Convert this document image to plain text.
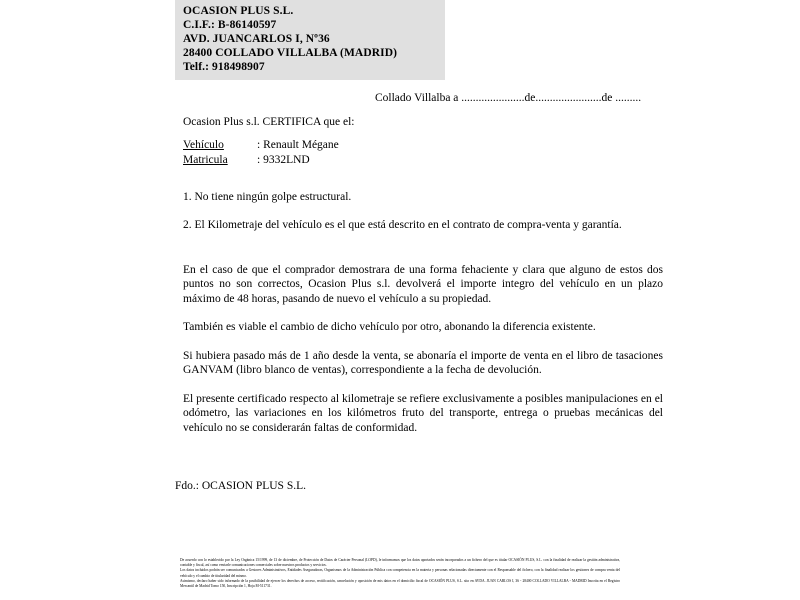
OCASION PLUS S.L.
C.I.F.: B-86140597
AVD. JUANCARLOS I, Nº36
28400 COLLADO VILLALBA (MADRID)
Telf.: 918498907
Collado Villalba a ......................de.......................de .........

Ocasion Plus s.l. CERTIFICA que el:

Vehículo	: Renault Mégane
Matricula	: 9332LND

1. No tiene ningún golpe estructural.

2. El Kilometraje del vehículo es el que está descrito en el contrato de compra-venta y garantía.

En el caso de que el comprador demostrara de una forma fehaciente y clara que alguno de estos dos puntos no son correctos, Ocasion Plus s.l. devolverá el importe integro del vehículo en un plazo máximo de 48 horas, pasando de nuevo el vehículo a su propiedad.

También es viable el cambio de dicho vehículo por otro, abonando la diferencia existente.

Si hubiera pasado más de 1 año desde la venta, se abonaría el importe de venta en el libro de tasaciones GANVAM (libro blanco de ventas), correspondiente a la fecha de devolución.

El presente certificado respecto al kilometraje se refiere exclusivamente a posibles manipulaciones en el odómetro, las variaciones en los kilómetros fruto del transporte, entrega o pruebas mecánicas del vehículo no se considerarán faltas de conformidad.

Fdo.: OCASION PLUS S.L.

De acuerdo con lo establecido por la Ley Orgánica 15/1999, de 13 de diciembre, de Protección de Datos de Carácter Personal (LOPD), le informamos que los datos aportados serán incorporados a un fichero del que es titular OCASIÓN PLUS, S.L. con la finalidad de realizar la gestión administrativa, contable y fiscal, así como enviarle comunicaciones comerciales sobre nuestros productos y servicios.

Los datos incluidos podrán ser comunicados a Gestores Administrativos, Entidades Aseguradoras, Organismos de la Administración Pública con competencia en la materia y personas relacionadas directamente con el Responsable del fichero, con la finalidad realizar los gestiones de compra venta del vehículo y el cambio de titularidad del mismo.

Asimismo, declaro haber sido informado de la posibilidad de ejercer los derechos de acceso, rectificación, cancelación y oposición de mis datos en el domicilio fiscal de OCASIÓN PLUS, S.L. sito en AVDA. JUAN CARLOS I, 36 - 28400 COLLADO VILLALBA - MADRID Inscrita en el Registro Mercantil de Madrid Tomo 150, Inscripción 1, Hoja M-511731.
